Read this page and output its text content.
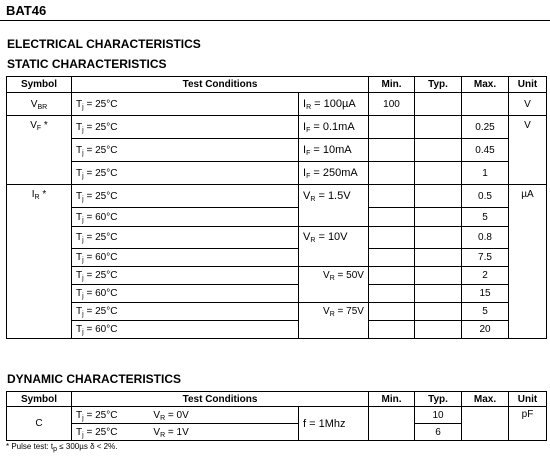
BAT46
ELECTRICAL CHARACTERISTICS
STATIC CHARACTERISTICS
Symbol	Test Conditions		Min.	Typ.	Max.	Unit
$V_{BR}$	$T_j = 25^\circ C$	$I_R = 100\mu A$	100			V
$V_F$ *	$T_j = 25^\circ C$	$I_F = 0.1mA$			0.25	V
	$T_j = 25^\circ C$	$I_F = 10mA$			0.45	
	$T_j = 25^\circ C$	$I_F = 250mA$			1	
$I_R$ *	$T_j = 25^\circ C$	$V_R = 1.5V$			0.5	µA
	$T_j = 60^\circ C$				5	
	$T_j = 25^\circ C$	$V_R = 10V$			0.8	
	$T_j = 60^\circ C$				7.5	
	$T_j = 25^\circ C$	$V_R = 50V$			2	
	$T_j = 60^\circ C$				15	
	$T_j = 25^\circ C$	$V_R = 75V$			5	
	$T_j = 60^\circ C$				20	
DYNAMIC CHARACTERISTICS
Symbol	Test Conditions		Min.	Typ.	Max.	Unit
C	$T_j = 25^\circ C$ $V_R = 0V$	f = 1Mhz		10		pF
	$T_j = 25^\circ C$ $V_R = 1V$			6		
* Pulse test: $t_p \le 300\mu s$ δ < 2%.
